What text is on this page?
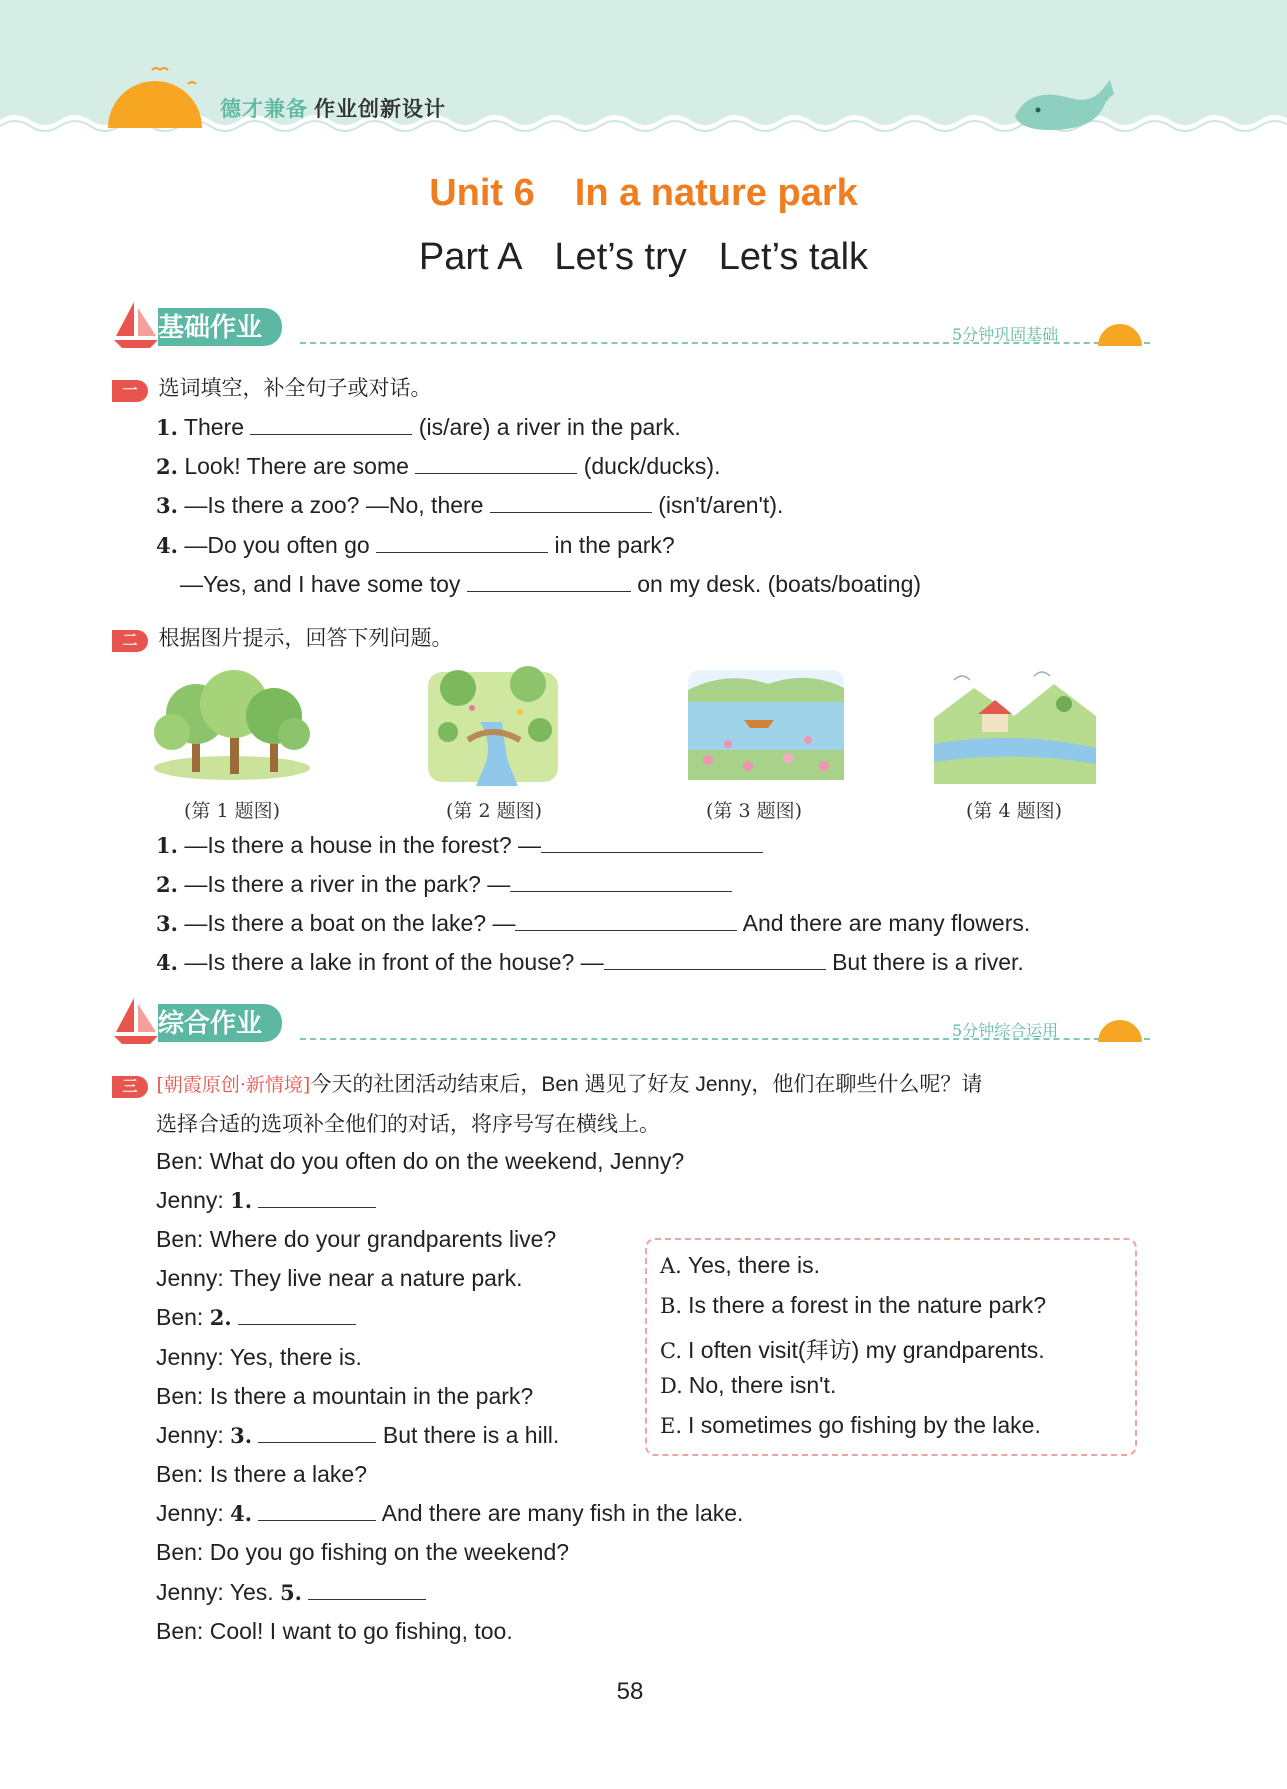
德才兼备 作业创新设计
Unit 6 In a nature park
Part A Let’s try Let’s talk
基础作业	5分钟巩固基础
一 选词填空，补全句子或对话。
1. There	(is/are) a river in the park.
2. Look! There are some	(duck/ducks).
3. —Is there a zoo? —No, there	(isn't/aren't).
4. —Do you often go	in the park?
—Yes, and I have some toy	on my desk. (boats/boating)
二 根据图片提示，回答下列问题。
(第 1 题图)	(第 2 题图)	(第 3 题图)	(第 4 题图)
1. —Is there a house in the forest? —
2. —Is there a river in the park? —
3. —Is there a boat on the lake? —	And there are many flowers.
4. —Is there a lake in front of the house? —	But there is a river.
综合作业	5分钟综合运用
三 [朝霞原创·新情境]今天的社团活动结束后，Ben 遇见了好友 Jenny，他们在聊些什么呢？请
选择合适的选项补全他们的对话，将序号写在横线上。
Ben: What do you often do on the weekend, Jenny?
Jenny: 1.
Ben: Where do your grandparents live?
Jenny: They live near a nature park.
Ben: 2.
Jenny: Yes, there is.
Ben: Is there a mountain in the park?
Jenny: 3.	But there is a hill.
Ben: Is there a lake?
Jenny: 4.	And there are many fish in the lake.
Ben: Do you go fishing on the weekend?
Jenny: Yes. 5.
Ben: Cool! I want to go fishing, too.
A. Yes, there is.
B. Is there a forest in the nature park?
C. I often visit(拜访) my grandparents.
D. No, there isn't.
E. I sometimes go fishing by the lake.
58
